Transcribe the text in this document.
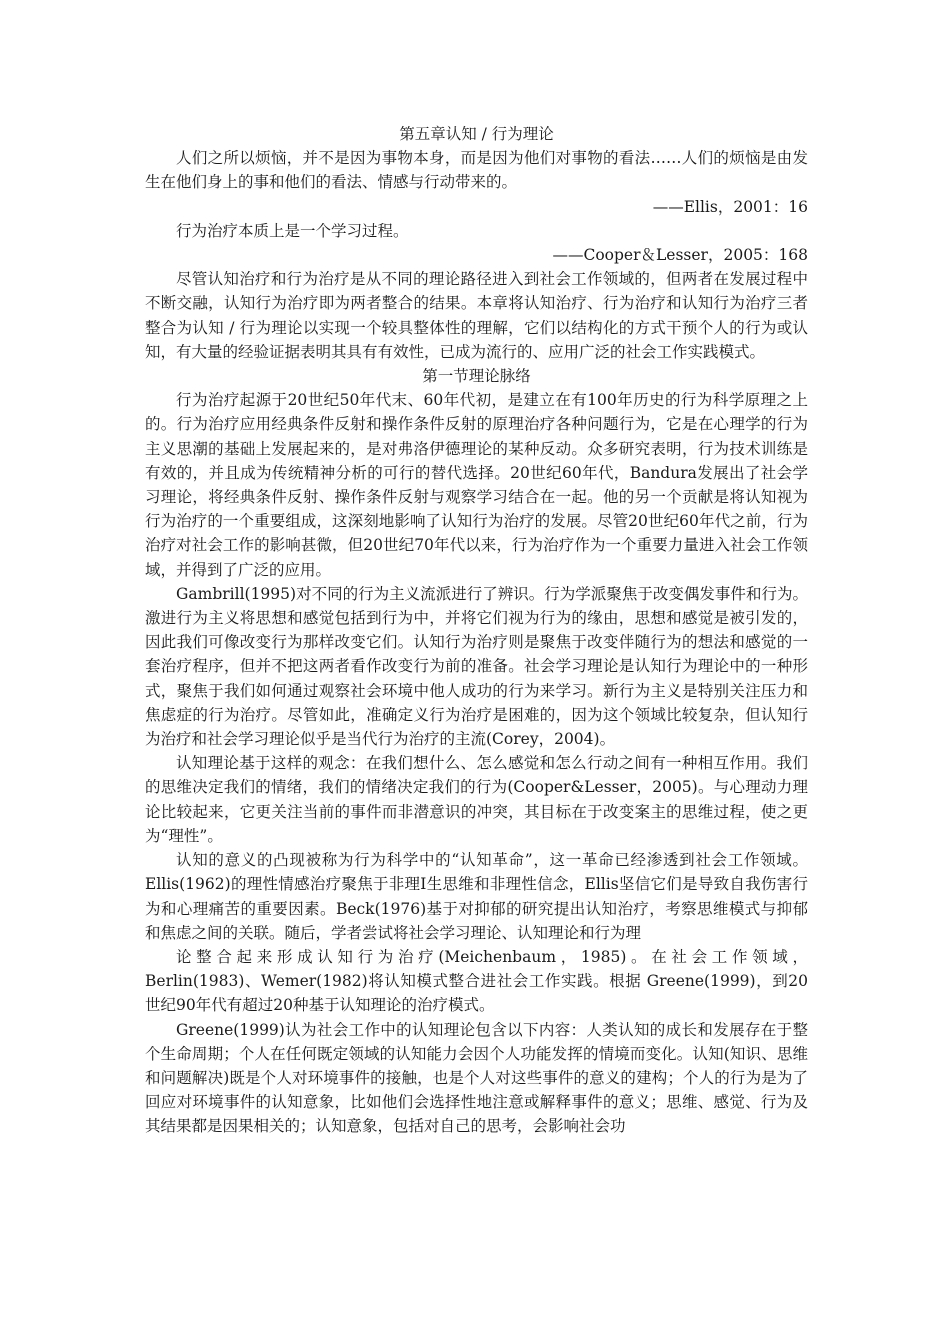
第五章认知 / 行为理论

人们之所以烦恼，并不是因为事物本身，而是因为他们对事物的看法……人们的烦恼是由发生在他们身上的事和他们的看法、情感与行动带来的。

——Ellis，2001：16

行为治疗本质上是一个学习过程。

——Cooper＆Lesser，2005：168

尽管认知治疗和行为治疗是从不同的理论路径进入到社会工作领域的，但两者在发展过程中不断交融，认知行为治疗即为两者整合的结果。本章将认知治疗、行为治疗和认知行为治疗三者整合为认知 / 行为理论以实现一个较具整体性的理解，它们以结构化的方式干预个人的行为或认知，有大量的经验证据表明其具有有效性，已成为流行的、应用广泛的社会工作实践模式。

第一节理论脉络

行为治疗起源于20世纪50年代末、60年代初，是建立在有100年历史的行为科学原理之上的。行为治疗应用经典条件反射和操作条件反射的原理治疗各种问题行为，它是在心理学的行为主义思潮的基础上发展起来的，是对弗洛伊德理论的某种反动。众多研究表明，行为技术训练是有效的，并且成为传统精神分析的可行的替代选择。20世纪60年代，Bandura发展出了社会学习理论，将经典条件反射、操作条件反射与观察学习结合在一起。他的另一个贡献是将认知视为行为治疗的一个重要组成，这深刻地影响了认知行为治疗的发展。尽管20世纪60年代之前，行为治疗对社会工作的影响甚微，但20世纪70年代以来，行为治疗作为一个重要力量进入社会工作领域，并得到了广泛的应用。

Gambrill(1995)对不同的行为主义流派进行了辨识。行为学派聚焦于改变偶发事件和行为。激进行为主义将思想和感觉包括到行为中，并将它们视为行为的缘由，思想和感觉是被引发的，因此我们可像改变行为那样改变它们。认知行为治疗则是聚焦于改变伴随行为的想法和感觉的一套治疗程序，但并不把这两者看作改变行为前的准备。社会学习理论是认知行为理论中的一种形式，聚焦于我们如何通过观察社会环境中他人成功的行为来学习。新行为主义是特别关注压力和焦虑症的行为治疗。尽管如此，准确定义行为治疗是困难的，因为这个领域比较复杂，但认知行为治疗和社会学习理论似乎是当代行为治疗的主流(Corey，2004)。

认知理论基于这样的观念：在我们想什么、怎么感觉和怎么行动之间有一种相互作用。我们的思维决定我们的情绪，我们的情绪决定我们的行为(Cooper&Lesser，2005)。与心理动力理论比较起来，它更关注当前的事件而非潜意识的冲突，其目标在于改变案主的思维过程，使之更为“理性”。

认知的意义的凸现被称为行为科学中的“认知革命”，这一革命已经渗透到社会工作领域。Ellis(1962)的理性情感治疗聚焦于非理Ⅰ生思维和非理性信念，Ellis坚信它们是导致自我伤害行为和心理痛苦的重要因素。Beck(1976)基于对抑郁的研究提出认知治疗，考察思维模式与抑郁和焦虑之间的关联。随后，学者尝试将社会学习理论、认知理论和行为理

论整合起来形成认知行为治疗(Meichenbaum，1985)。在社会工作领域，Berlin(1983)、Wemer(1982)将认知模式整合进社会工作实践。根据 Greene(1999)，到20世纪90年代有超过20种基于认知理论的治疗模式。

Greene(1999)认为社会工作中的认知理论包含以下内容：人类认知的成长和发展存在于整个生命周期；个人在任何既定领域的认知能力会因个人功能发挥的情境而变化。认知(知识、思维和问题解决)既是个人对环境事件的接触，也是个人对这些事件的意义的建构；个人的行为是为了回应对环境事件的认知意象，比如他们会选择性地注意或解释事件的意义；思维、感觉、行为及其结果都是因果相关的；认知意象，包括对自己的思考，会影响社会功
